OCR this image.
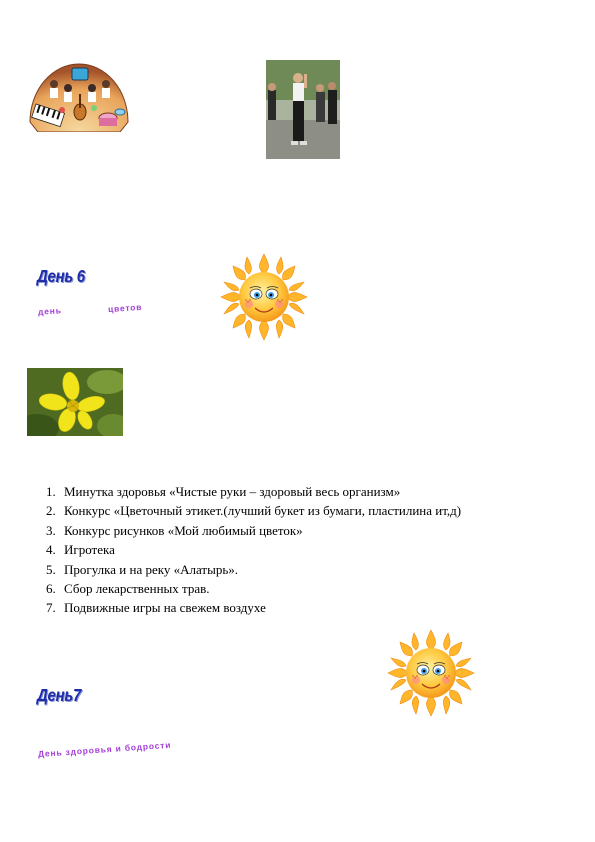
День 6
день	цветов
1. Минутка здоровья «Чистые руки – здоровый весь организм»
2. Конкурс «Цветочный этикет.(лучший букет из бумаги, пластилина ит,д)
3. Конкурс рисунков «Мой любимый цветок»
4. Игротека
5. Прогулка и на реку «Алатырь».
6. Сбор лекарственных трав.
7. Подвижные игры на свежем воздухе
День7
День здоровья и бодрости
